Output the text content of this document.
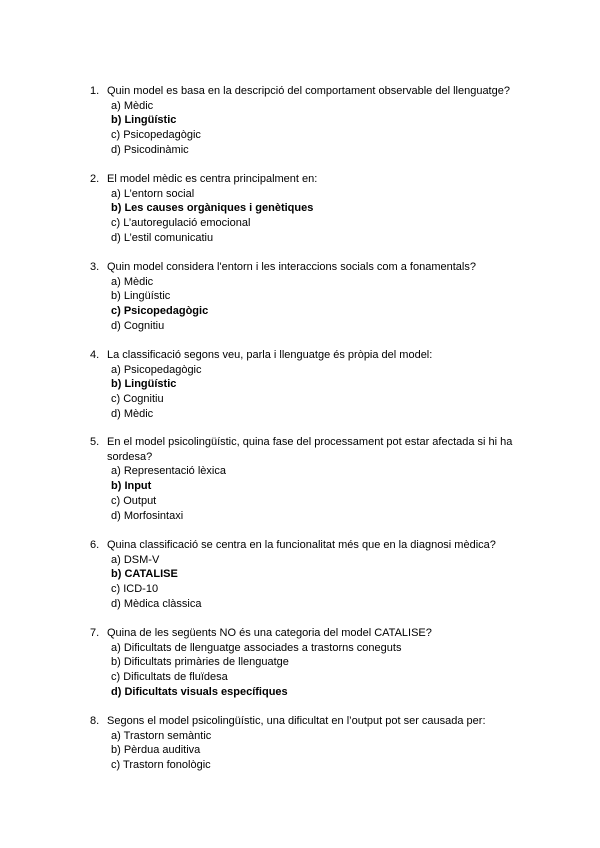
1. Quin model es basa en la descripció del comportament observable del llenguatge?
a) Mèdic
b) Lingüístic
c) Psicopedagògic
d) Psicodinàmic
2. El model mèdic es centra principalment en:
a) L’entorn social
b) Les causes orgàniques i genètiques
c) L’autoregulació emocional
d) L’estil comunicatiu
3. Quin model considera l'entorn i les interaccions socials com a fonamentals?
a) Mèdic
b) Lingüístic
c) Psicopedagògic
d) Cognitiu
4. La classificació segons veu, parla i llenguatge és pròpia del model:
a) Psicopedagògic
b) Lingüístic
c) Cognitiu
d) Mèdic
5. En el model psicolingüístic, quina fase del processament pot estar afectada si hi ha sordesa?
a) Representació lèxica
b) Input
c) Output
d) Morfosintaxi
6. Quina classificació se centra en la funcionalitat més que en la diagnosi mèdica?
a) DSM-V
b) CATALISE
c) ICD-10
d) Mèdica clàssica
7. Quina de les següents NO és una categoria del model CATALISE?
a) Dificultats de llenguatge associades a trastorns coneguts
b) Dificultats primàries de llenguatge
c) Dificultats de fluïdesa
d) Dificultats visuals específiques
8. Segons el model psicolingüístic, una dificultat en l’output pot ser causada per:
a) Trastorn semàntic
b) Pèrdua auditiva
c) Trastorn fonològic
